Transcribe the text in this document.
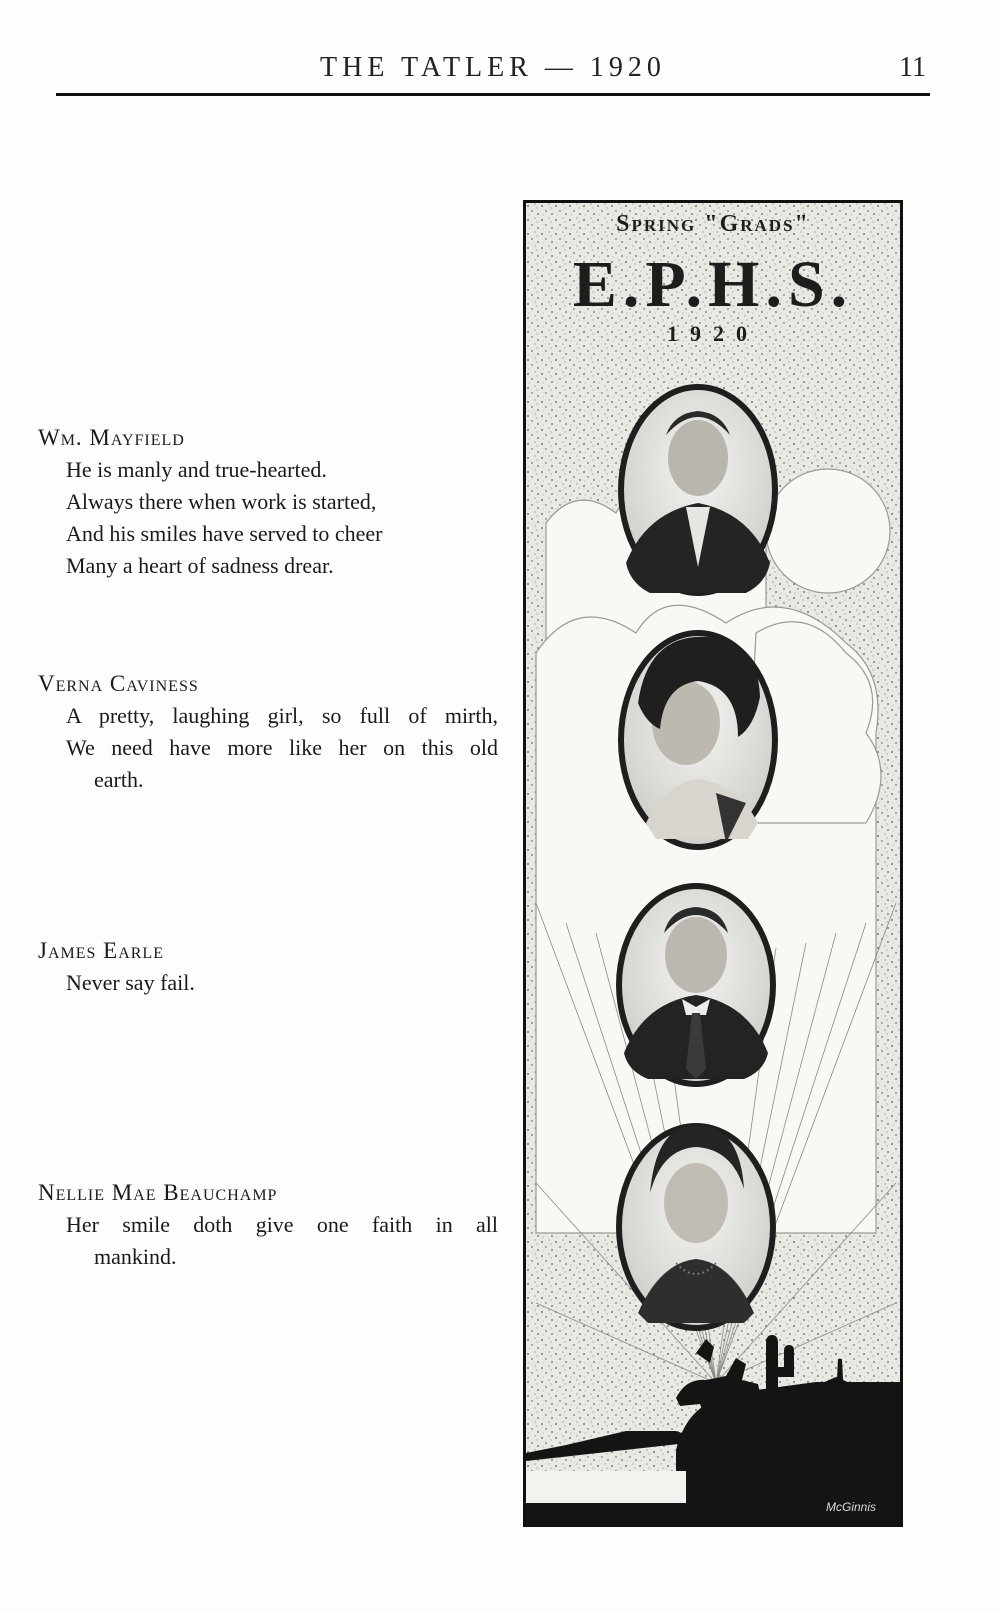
THE TATLER — 1920	11
Wm. Mayfield
He is manly and true-hearted.
Always there when work is started,
And his smiles have served to cheer
Many a heart of sadness drear.
Verna Caviness
A pretty, laughing girl, so full of mirth,
We need have more like her on this old
earth.
James Earle
Never say fail.
Nellie Mae Beauchamp
Her smile doth give one faith in all
mankind.
Spring "Grads"
E.P.H.S.
1920
McGinnis
